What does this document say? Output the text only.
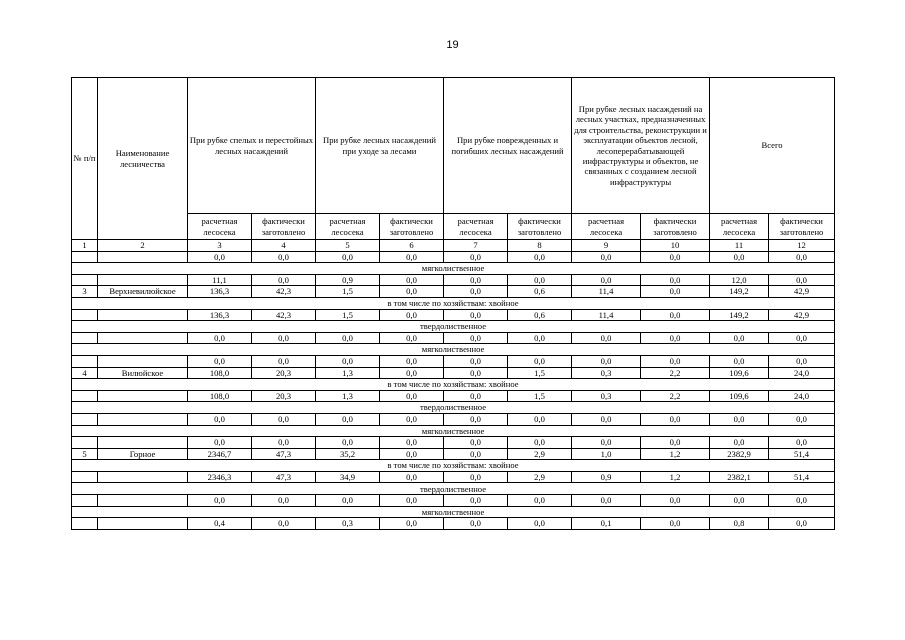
19
№ п/п	Наименование лесничества	При рубке спелых и перестойных лесных насаждений		При рубке лесных насаждений при уходе за лесами		При рубке поврежденных и погибших лесных насаждений		При рубке лесных насаждений на лесных участках, предназначенных для строительства, реконструкции и эксплуатации объектов лесной, лесоперерабатывающей инфраструктуры и объектов, не связанных с созданием лесной инфраструктуры		Всего	
		расчетная лесосека	фактически заготовлено	расчетная лесосека	фактически заготовлено	расчетная лесосека	фактически заготовлено	расчетная лесосека	фактически заготовлено	расчетная лесосека	фактически заготовлено
1	2	3	4	5	6	7	8	9	10	11	12
		0,0	0,0	0,0	0,0	0,0	0,0	0,0	0,0	0,0	0,0
мягколиственное											
		11,1	0,0	0,9	0,0	0,0	0,0	0,0	0,0	12,0	0,0
3	Верхневилюйское	136,3	42,3	1,5	0,0	0,0	0,6	11,4	0,0	149,2	42,9
в том числе по хозяйствам: хвойное											
		136,3	42,3	1,5	0,0	0,0	0,6	11,4	0,0	149,2	42,9
твердолиственное											
		0,0	0,0	0,0	0,0	0,0	0,0	0,0	0,0	0,0	0,0
мягколиственное											
		0,0	0,0	0,0	0,0	0,0	0,0	0,0	0,0	0,0	0,0
4	Вилюйское	108,0	20,3	1,3	0,0	0,0	1,5	0,3	2,2	109,6	24,0
в том числе по хозяйствам: хвойное											
		108,0	20,3	1,3	0,0	0,0	1,5	0,3	2,2	109,6	24,0
твердолиственное											
		0,0	0,0	0,0	0,0	0,0	0,0	0,0	0,0	0,0	0,0
мягколиственное											
		0,0	0,0	0,0	0,0	0,0	0,0	0,0	0,0	0,0	0,0
5	Горное	2346,7	47,3	35,2	0,0	0,0	2,9	1,0	1,2	2382,9	51,4
в том числе по хозяйствам: хвойное											
		2346,3	47,3	34,9	0,0	0,0	2,9	0,9	1,2	2382,1	51,4
твердолиственное											
		0,0	0,0	0,0	0,0	0,0	0,0	0,0	0,0	0,0	0,0
мягколиственное											
		0,4	0,0	0,3	0,0	0,0	0,0	0,1	0,0	0,8	0,0
